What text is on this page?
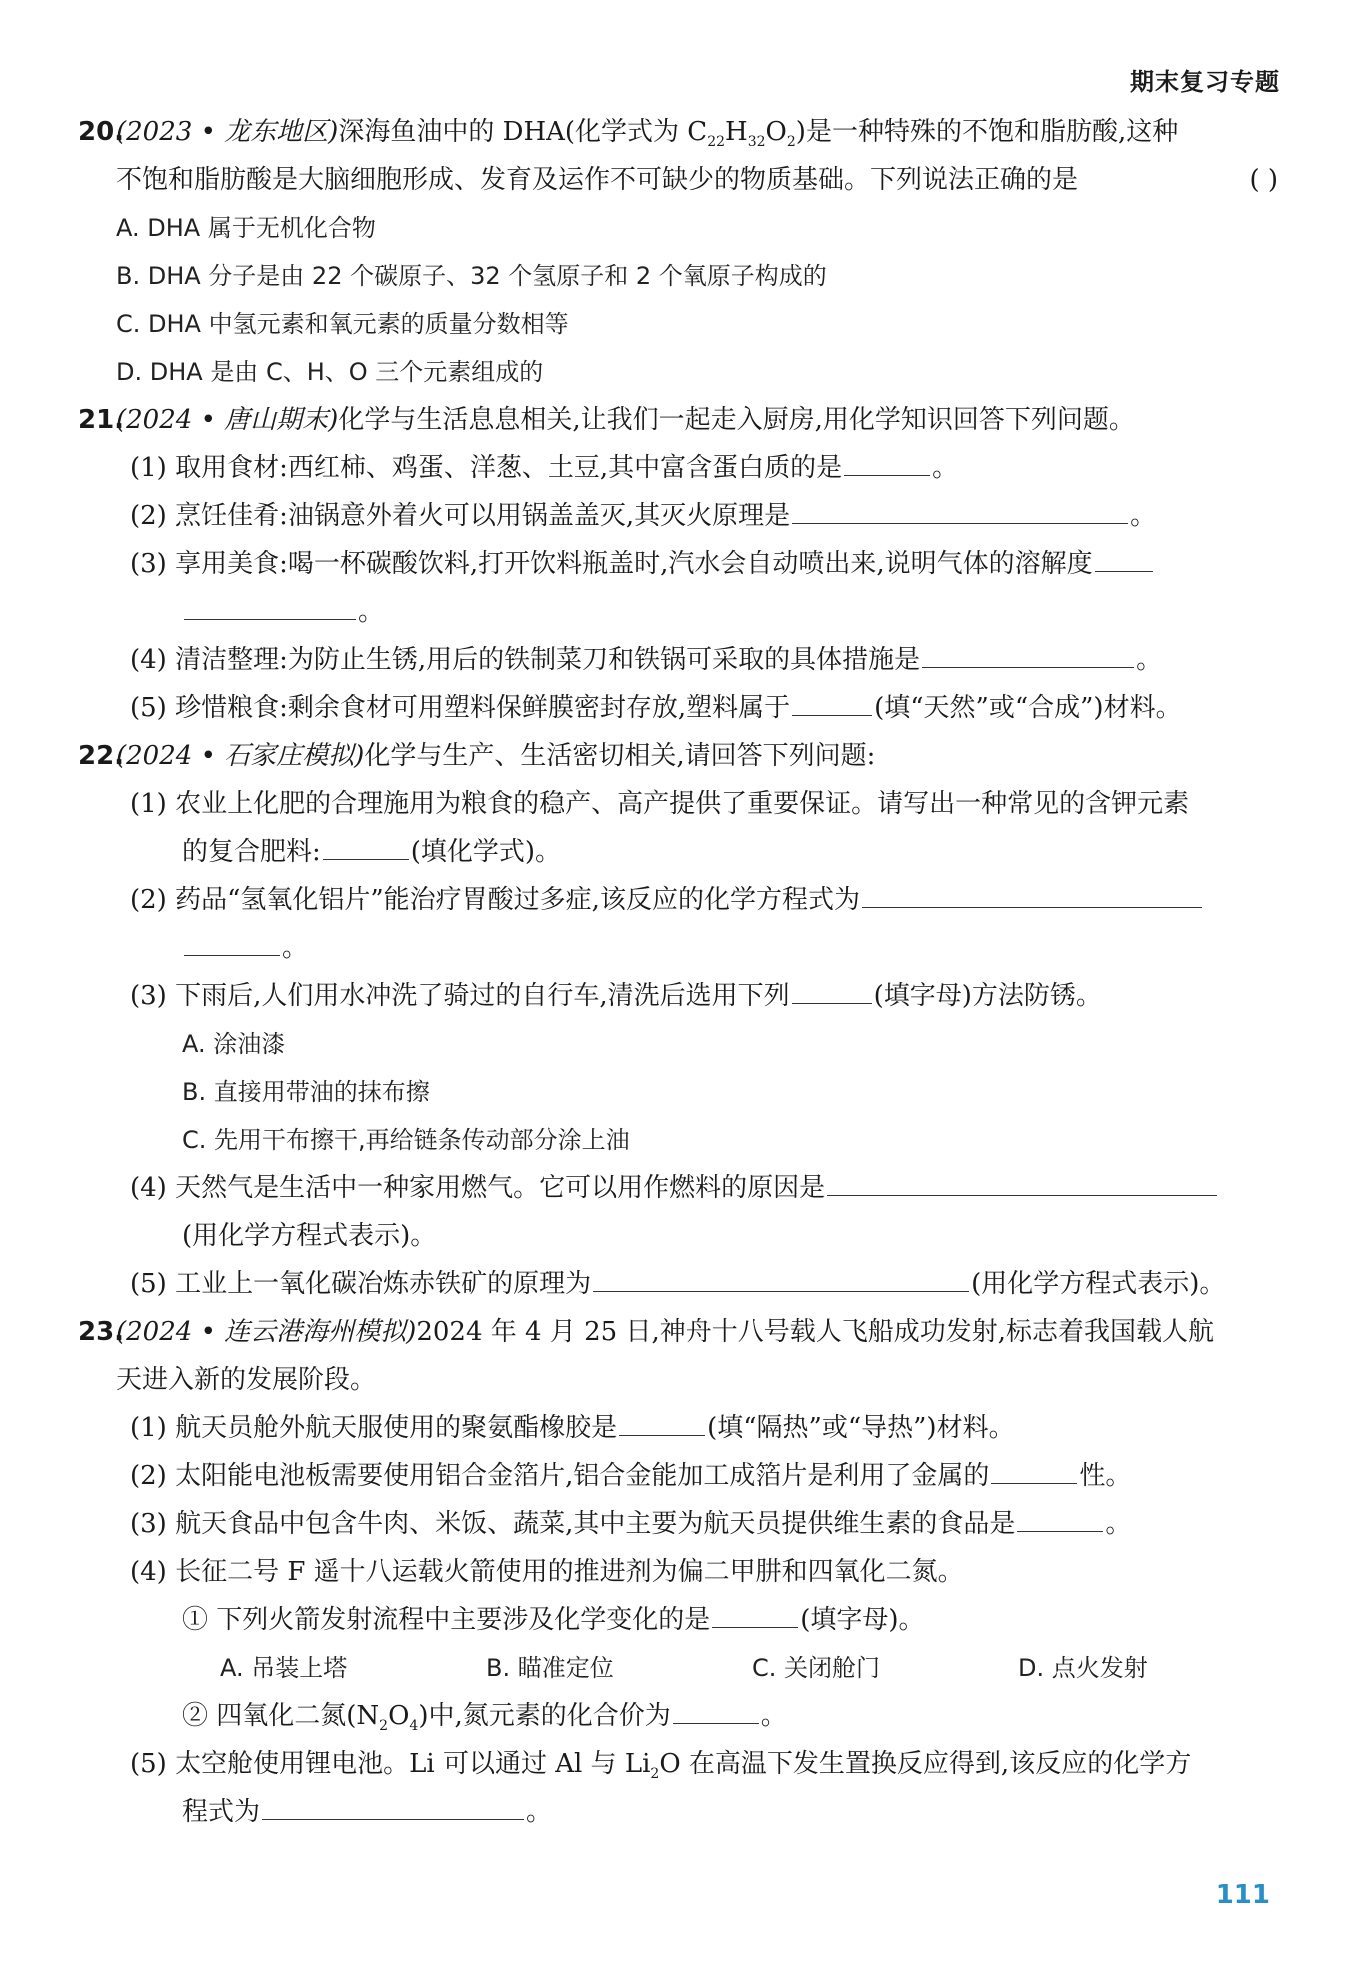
期末复习专题
20.
(2023 • 龙东地区)深海鱼油中的 DHA(化学式为 $C_{22}H_{32}O_2$)是一种特殊的不饱和脂肪酸,这种
不饱和脂肪酸是大脑细胞形成、发育及运作不可缺少的物质基础。下列说法正确的是	( )
A. DHA 属于无机化合物
B. DHA 分子是由 22 个碳原子、32 个氢原子和 2 个氧原子构成的
C. DHA 中氢元素和氧元素的质量分数相等
D. DHA 是由 C、H、O 三个元素组成的
21.
(2024 • 唐山期末)化学与生活息息相关,让我们一起走入厨房,用化学知识回答下列问题。
(1) 取用食材:西红柿、鸡蛋、洋葱、土豆,其中富含蛋白质的是	。
(2) 烹饪佳肴:油锅意外着火可以用锅盖盖灭,其灭火原理是	。
(3) 享用美食:喝一杯碳酸饮料,打开饮料瓶盖时,汽水会自动喷出来,说明气体的溶解度
。
(4) 清洁整理:为防止生锈,用后的铁制菜刀和铁锅可采取的具体措施是	。
(5) 珍惜粮食:剩余食材可用塑料保鲜膜密封存放,塑料属于	(填“天然”或“合成”)材料。
22.
(2024 • 石家庄模拟)化学与生产、生活密切相关,请回答下列问题:
(1) 农业上化肥的合理施用为粮食的稳产、高产提供了重要保证。请写出一种常见的含钾元素
的复合肥料:	(填化学式)。
(2) 药品“氢氧化铝片”能治疗胃酸过多症,该反应的化学方程式为
。
(3) 下雨后,人们用水冲洗了骑过的自行车,清洗后选用下列	(填字母)方法防锈。
A. 涂油漆
B. 直接用带油的抹布擦
C. 先用干布擦干,再给链条传动部分涂上油
(4) 天然气是生活中一种家用燃气。它可以用作燃料的原因是
(用化学方程式表示)。
(5) 工业上一氧化碳冶炼赤铁矿的原理为	(用化学方程式表示)。
23.
(2024 • 连云港海州模拟)2024 年 4 月 25 日,神舟十八号载人飞船成功发射,标志着我国载人航
天进入新的发展阶段。
(1) 航天员舱外航天服使用的聚氨酯橡胶是	(填“隔热”或“导热”)材料。
(2) 太阳能电池板需要使用铝合金箔片,铝合金能加工成箔片是利用了金属的	性。
(3) 航天食品中包含牛肉、米饭、蔬菜,其中主要为航天员提供维生素的食品是	。
(4) 长征二号 F 遥十八运载火箭使用的推进剂为偏二甲肼和四氧化二氮。
① 下列火箭发射流程中主要涉及化学变化的是	(填字母)。
A. 吊装上塔	B. 瞄准定位	C. 关闭舱门	D. 点火发射
② 四氧化二氮$(N_2O_4)$中,氮元素的化合价为	。
(5) 太空舱使用锂电池。Li 可以通过 Al 与 $Li_2O$ 在高温下发生置换反应得到,该反应的化学方
程式为	。
111
